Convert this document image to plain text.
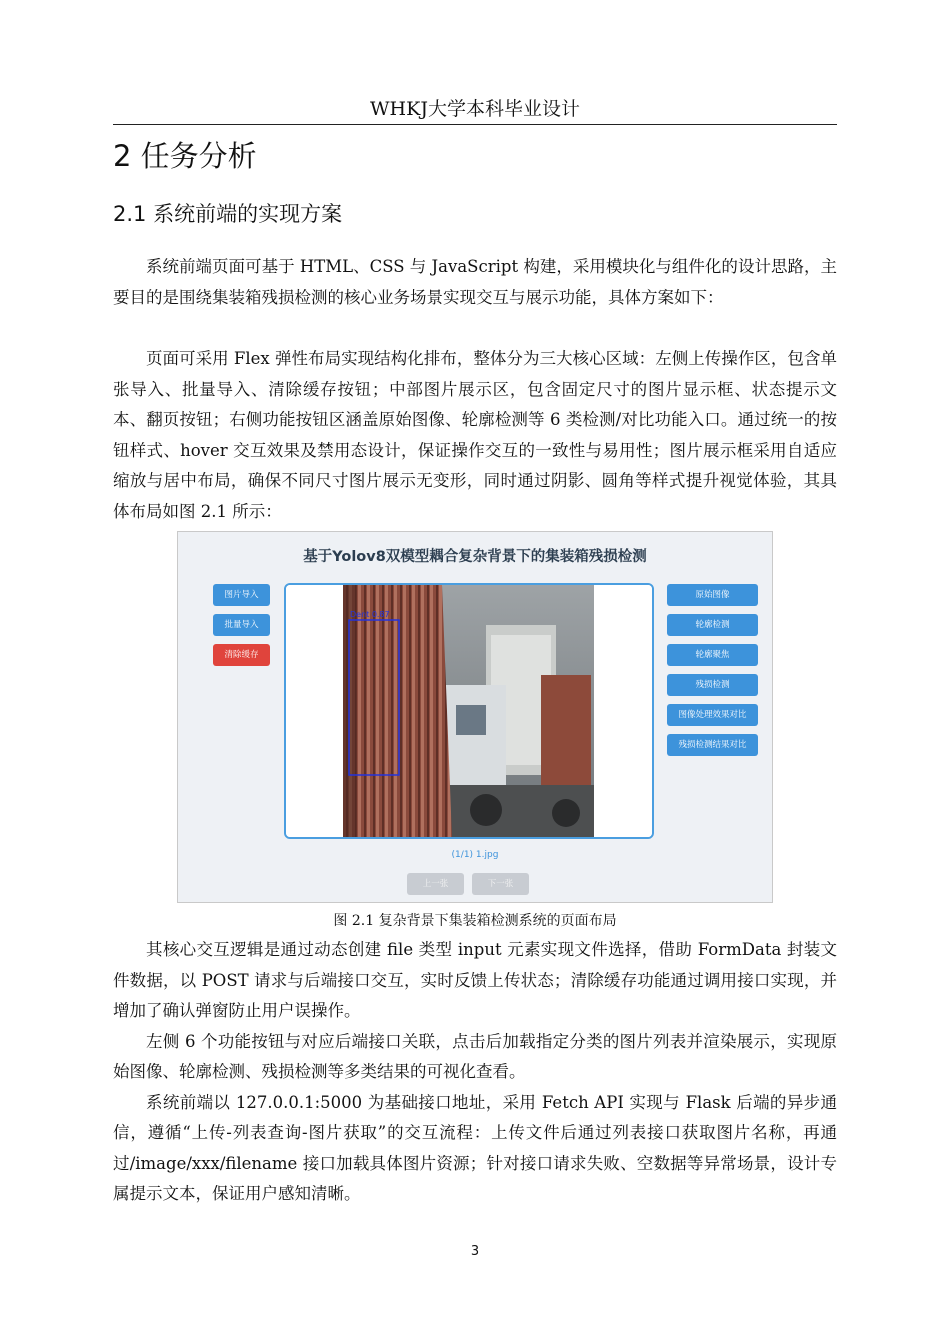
WHKJ大学本科毕业设计
2 任务分析
2.1 系统前端的实现方案

系统前端页面可基于 HTML、CSS 与 JavaScript 构建，采用模块化与组件化的设计思路，主要目的是围绕集装箱残损检测的核心业务场景实现交互与展示功能，具体方案如下：

页面可采用 Flex 弹性布局实现结构化排布，整体分为三大核心区域：左侧上传操作区，包含单张导入、批量导入、清除缓存按钮；中部图片展示区，包含固定尺寸的图片显示框、状态提示文本、翻页按钮；右侧功能按钮区涵盖原始图像、轮廓检测等 6 类检测/对比功能入口。通过统一的按钮样式、hover 交互效果及禁用态设计，保证操作交互的一致性与易用性；图片展示框采用自适应缩放与居中布局，确保不同尺寸图片展示无变形，同时通过阴影、圆角等样式提升视觉体验，其具体布局如图 2.1 所示：

基于Yolov8双模型耦合复杂背景下的集装箱残损检测
图片导入
批量导入
清除缓存
Dent 0.87
原始图像
轮廓检测
轮廓聚焦
残损检测
图像处理效果对比
残损检测结果对比
(1/1) 1.jpg
上一张	下一张
图 2.1 复杂背景下集装箱检测系统的页面布局

其核心交互逻辑是通过动态创建 file 类型 input 元素实现文件选择，借助 FormData 封装文件数据，以 POST 请求与后端接口交互，实时反馈上传状态；清除缓存功能通过调用接口实现，并增加了确认弹窗防止用户误操作。

左侧 6 个功能按钮与对应后端接口关联，点击后加载指定分类的图片列表并渲染展示，实现原始图像、轮廓检测、残损检测等多类结果的可视化查看。

系统前端以 127.0.0.1:5000 为基础接口地址，采用 Fetch API 实现与 Flask 后端的异步通信，遵循“上传-列表查询-图片获取”的交互流程：上传文件后通过列表接口获取图片名称，再通过/image/xxx/filename 接口加载具体图片资源；针对接口请求失败、空数据等异常场景，设计专属提示文本，保证用户感知清晰。

3
